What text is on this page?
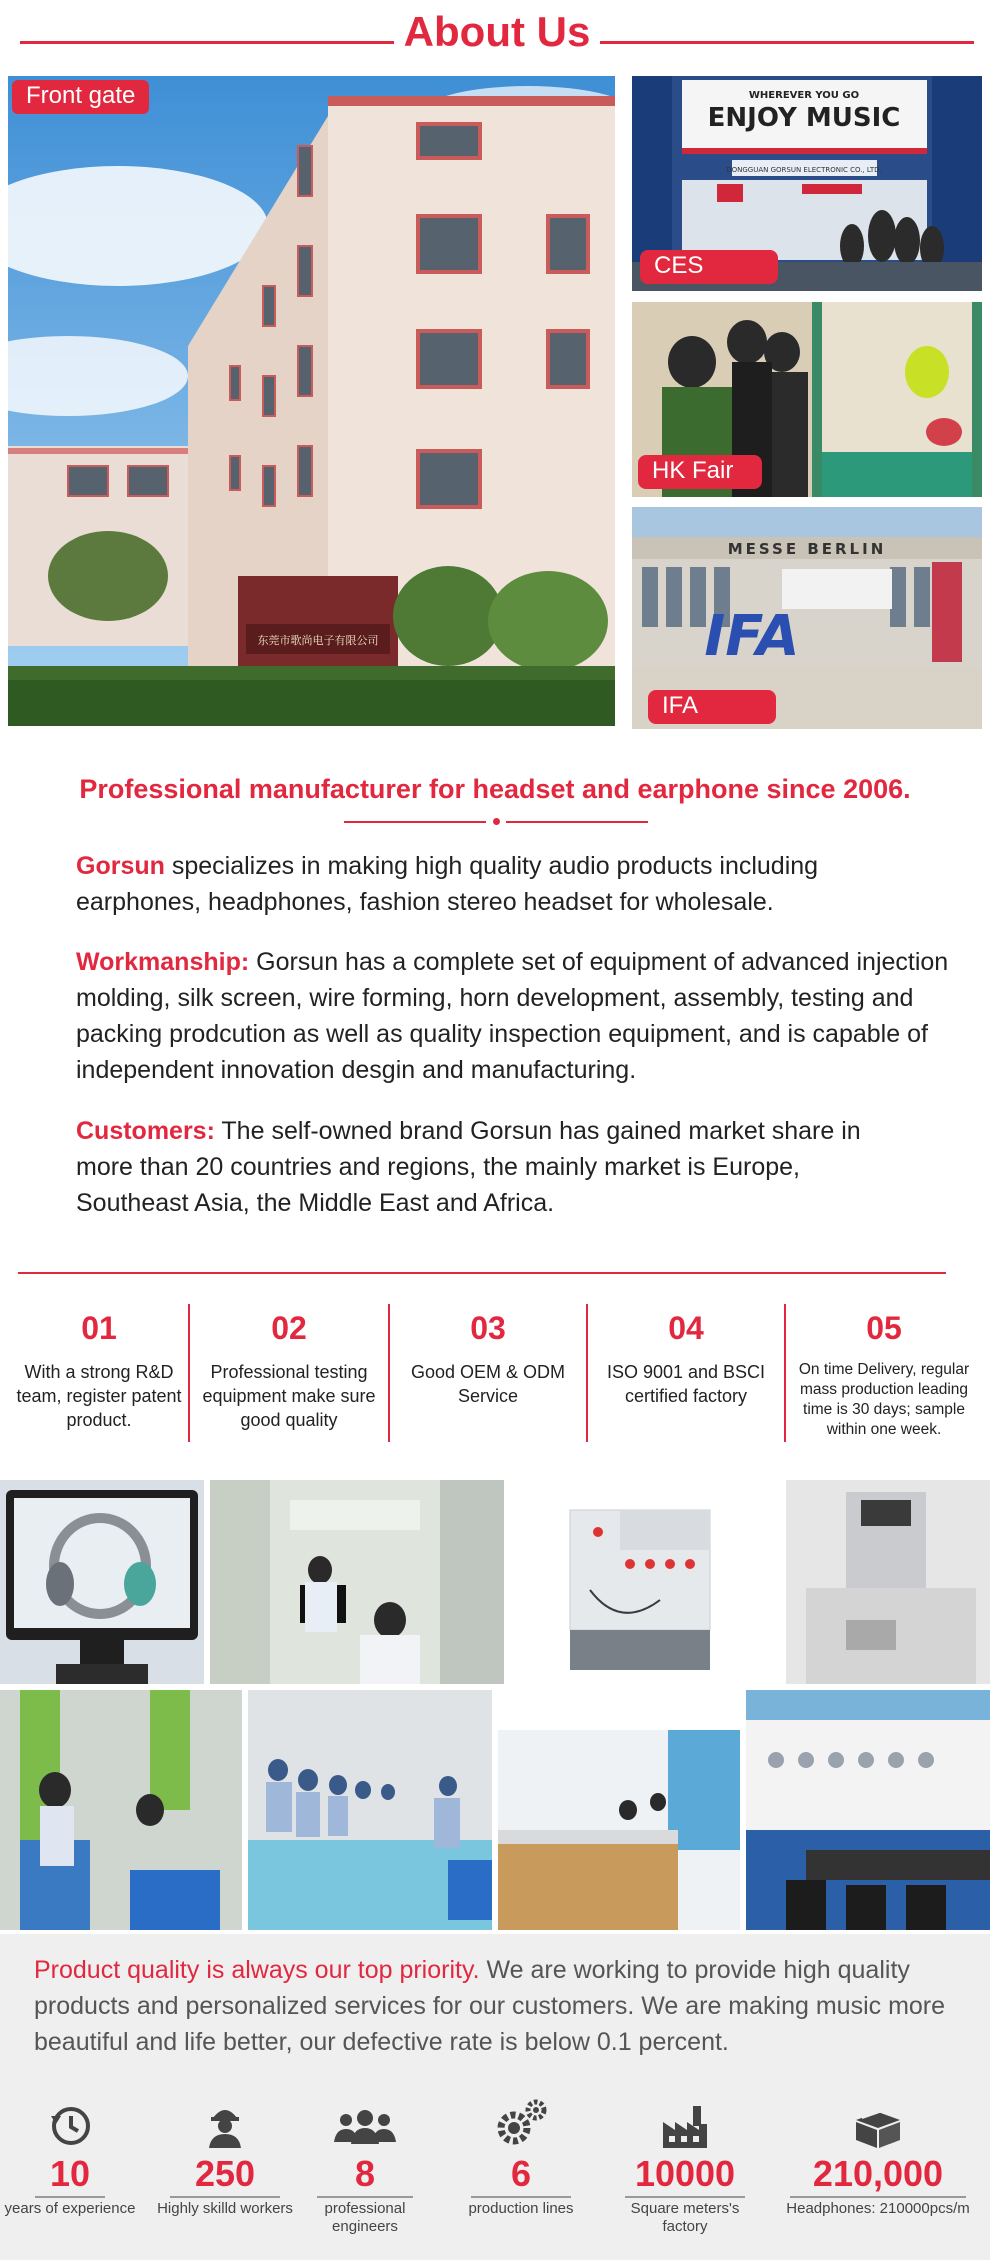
About Us
东莞市歌尚电子有限公司
Front gate	WHEREVER YOU GO
ENJOY MUSIC
DONGGUAN GORSUN ELECTRONIC CO., LTD.
CES
HK Fair
MESSE BERLIN
IFA
IFA
Professional manufacturer for headset and earphone since 2006.
Gorsun specializes in making high quality audio products including earphones, headphones, fashion stereo headset for wholesale.
Workmanship: Gorsun has a complete set of equipment of advanced injection molding, silk screen, wire forming, horn development, assembly, testing and packing prodcution as well as quality inspection equipment, and is capable of independent innovation desgin and manufacturing.
Customers: The self-owned brand Gorsun has gained market share in more than 20 countries and regions, the mainly market is Europe, Southeast Asia, the Middle East and Africa.
01
With a strong R&D team, register patent product.
02
Professional testing equipment make sure good quality
03
Good OEM & ODM Service
04
ISO 9001 and BSCI certified factory
05
On time Delivery, regular mass production leading time is 30 days; sample within one week.
Product quality is always our top priority. We are working to provide high quality products and personalized services for our customers. We are making music more beautiful and life better, our defective rate is below 0.1 percent.
10
years of experience
250
Highly skilld workers
8
professional engineers
6
production lines
10000
Square meters's factory
210,000
Headphones: 210000pcs/m
